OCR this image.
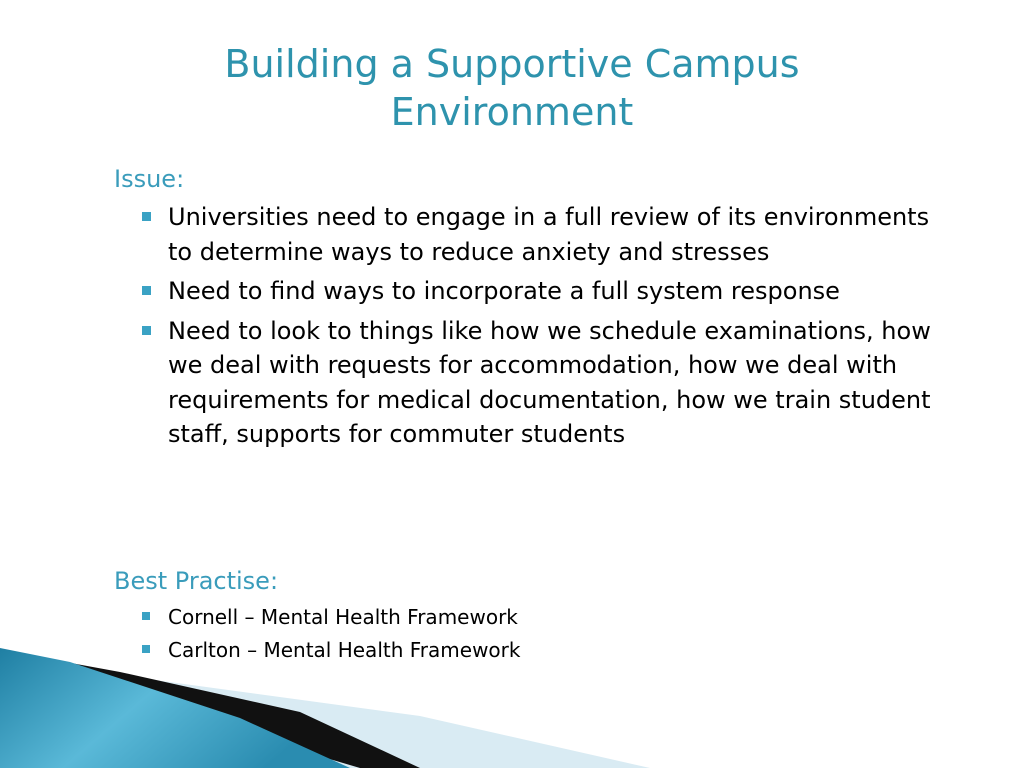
Building a Supportive Campus Environment
Issue:
Universities need to engage in a full review of its environments to determine ways to reduce anxiety and stresses
Need to find ways to incorporate a full system response
Need to look to things like how we schedule examinations, how we deal with requests for accommodation, how we deal with requirements for medical documentation, how we train student staff, supports for commuter students
Best Practise:
Cornell – Mental Health Framework
Carlton – Mental Health Framework
